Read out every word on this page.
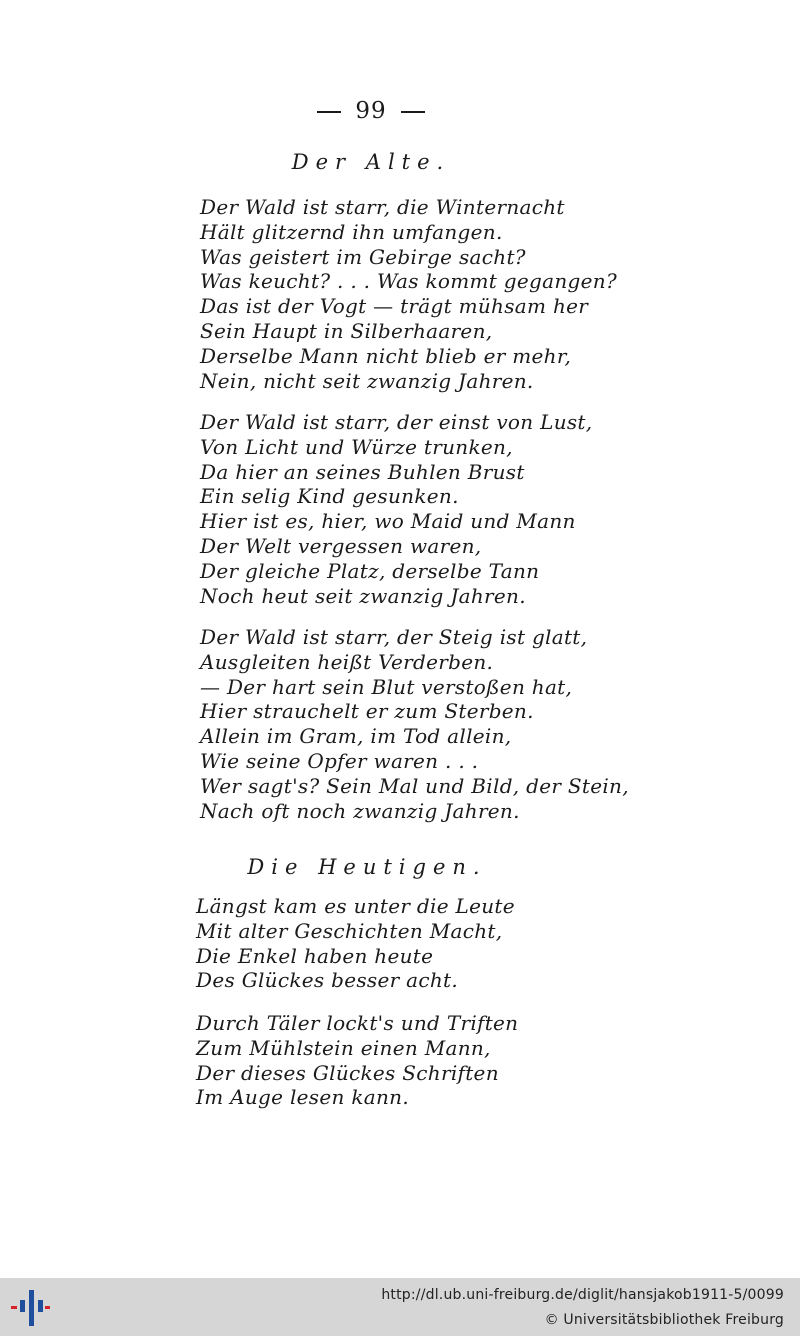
99
Der Alte.
Der Wald ist starr, die Winternacht
Hält glitzernd ihn umfangen.
Was geistert im Gebirge sacht?
Was keucht? . . . Was kommt gegangen?
Das ist der Vogt — trägt mühsam her
Sein Haupt in Silberhaaren,
Derselbe Mann nicht blieb er mehr,
Nein, nicht seit zwanzig Jahren.
Der Wald ist starr, der einst von Lust,
Von Licht und Würze trunken,
Da hier an seines Buhlen Brust
Ein selig Kind gesunken.
Hier ist es, hier, wo Maid und Mann
Der Welt vergessen waren,
Der gleiche Platz, derselbe Tann
Noch heut seit zwanzig Jahren.
Der Wald ist starr, der Steig ist glatt,
Ausgleiten heißt Verderben.
— Der hart sein Blut verstoßen hat,
Hier strauchelt er zum Sterben.
Allein im Gram, im Tod allein,
Wie seine Opfer waren . . .
Wer sagt's? Sein Mal und Bild, der Stein,
Nach oft noch zwanzig Jahren.
Die Heutigen.
Längst kam es unter die Leute
Mit alter Geschichten Macht,
Die Enkel haben heute
Des Glückes besser acht.
Durch Täler lockt's und Triften
Zum Mühlstein einen Mann,
Der dieses Glückes Schriften
Im Auge lesen kann.
http://dl.ub.uni-freiburg.de/diglit/hansjakob1911-5/0099
© Universitätsbibliothek Freiburg
